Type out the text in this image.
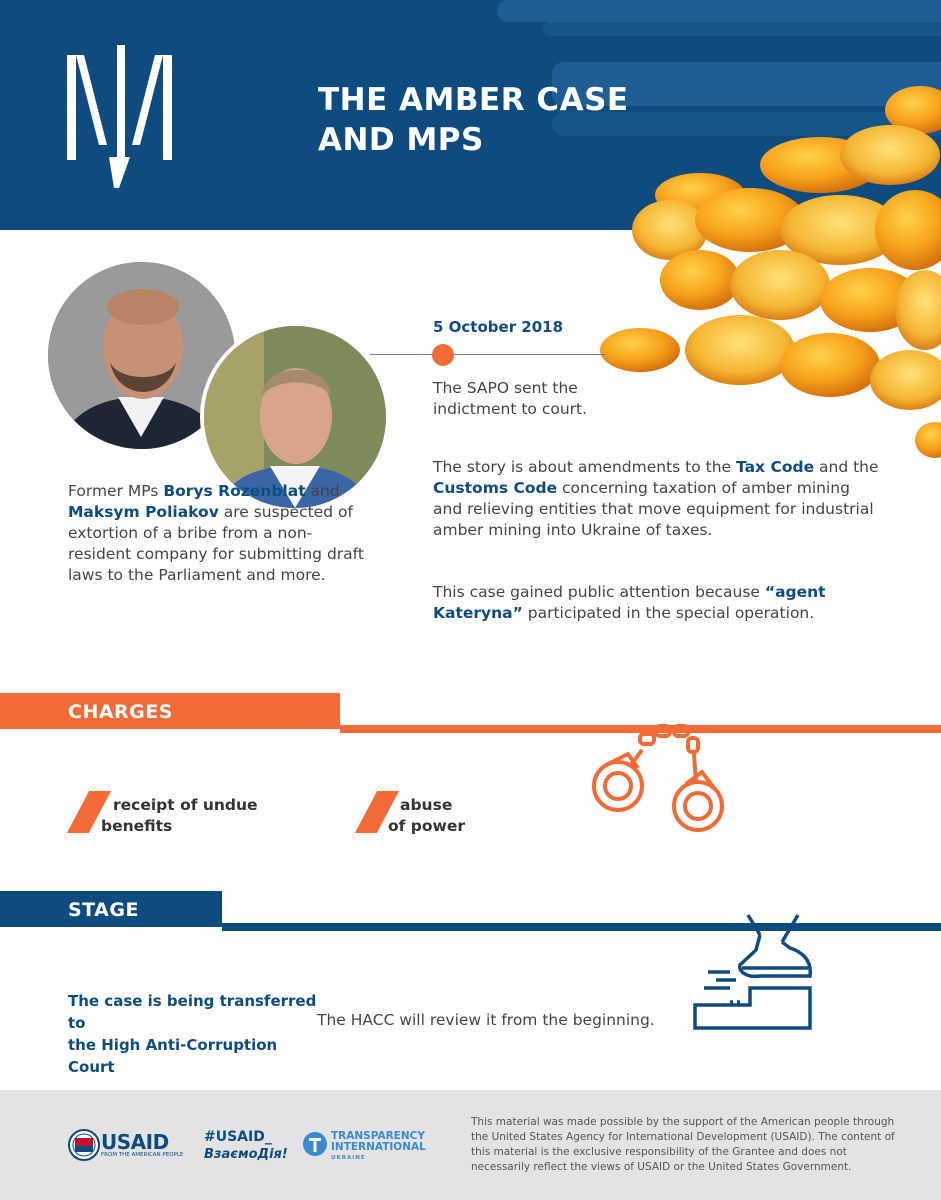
THE AMBER CASE
AND MPS
5 October 2018
The SAPO sent the indictment to court.
The story is about amendments to the Tax Code and the Customs Code concerning taxation of amber mining and relieving entities that move equipment for industrial amber mining into Ukraine of taxes.
This case gained public attention because “agent Kateryna” participated in the special operation.
Former MPs Borys Rozenblat and Maksym Poliakov are suspected of extortion of a bribe from a non-resident company for submitting draft laws to the Parliament and more.
CHARGES
receipt of undue
benefits
abuse
of power
STAGE
The case is being transferred to
the High Anti-Corruption Court
The HACC will review it from the beginning.
USAID
FROM THE AMERICAN PEOPLE
#USAID_
ВзаємоДія!
TRANSPARENCY
INTERNATIONAL
UKRAINE
This material was made possible by the support of the American people through the United States Agency for International Development (USAID). The content of this material is the exclusive responsibility of the Grantee and does not necessarily reflect the views of USAID or the United States Government.
